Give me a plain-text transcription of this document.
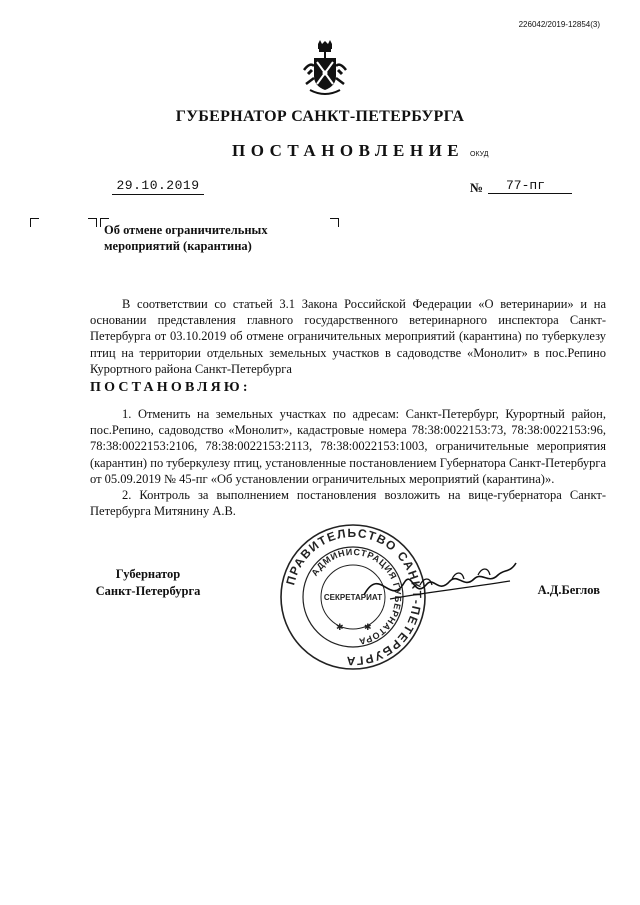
226042/2019-12854(3)
ГУБЕРНАТОР САНКТ-ПЕТЕРБУРГА
ПОСТАНОВЛЕНИЕ ОКУД
29.10.2019	№	77-пг
Об отмене ограничительных
мероприятий (карантина)

В соответствии со статьей 3.1 Закона Российской Федерации «О ветеринарии» и на основании представления главного государственного ветеринарного инспектора Санкт-Петербурга от 03.10.2019 об отмене ограничительных мероприятий (карантина) по туберкулезу птиц на территории отдельных земельных участков в садоводстве «Монолит» в пос.Репино Курортного района Санкт-Петербурга

ПОСТАНОВЛЯЮ:

1. Отменить на земельных участках по адресам: Санкт-Петербург, Курортный район, пос.Репино, садоводство «Монолит», кадастровые номера 78:38:0022153:73, 78:38:0022153:96, 78:38:0022153:2106, 78:38:0022153:2113, 78:38:0022153:1003, ограничительные мероприятия (карантин) по туберкулезу птиц, установленные постановлением Губернатора Санкт-Петербурга от 05.09.2019 № 45-пг «Об установлении ограничительных мероприятий (карантина)».

2. Контроль за выполнением постановления возложить на вице-губернатора Санкт-Петербурга Митянину А.В.

Губернатор
Санкт-Петербурга
ПРАВИТЕЛЬСТВО САНКТ-ПЕТЕРБУРГА
АДМИНИСТРАЦИЯ ГУБЕРНАТОРА
СЕКРЕТАРИАТ
✱ ✱
А.Д.Беглов
